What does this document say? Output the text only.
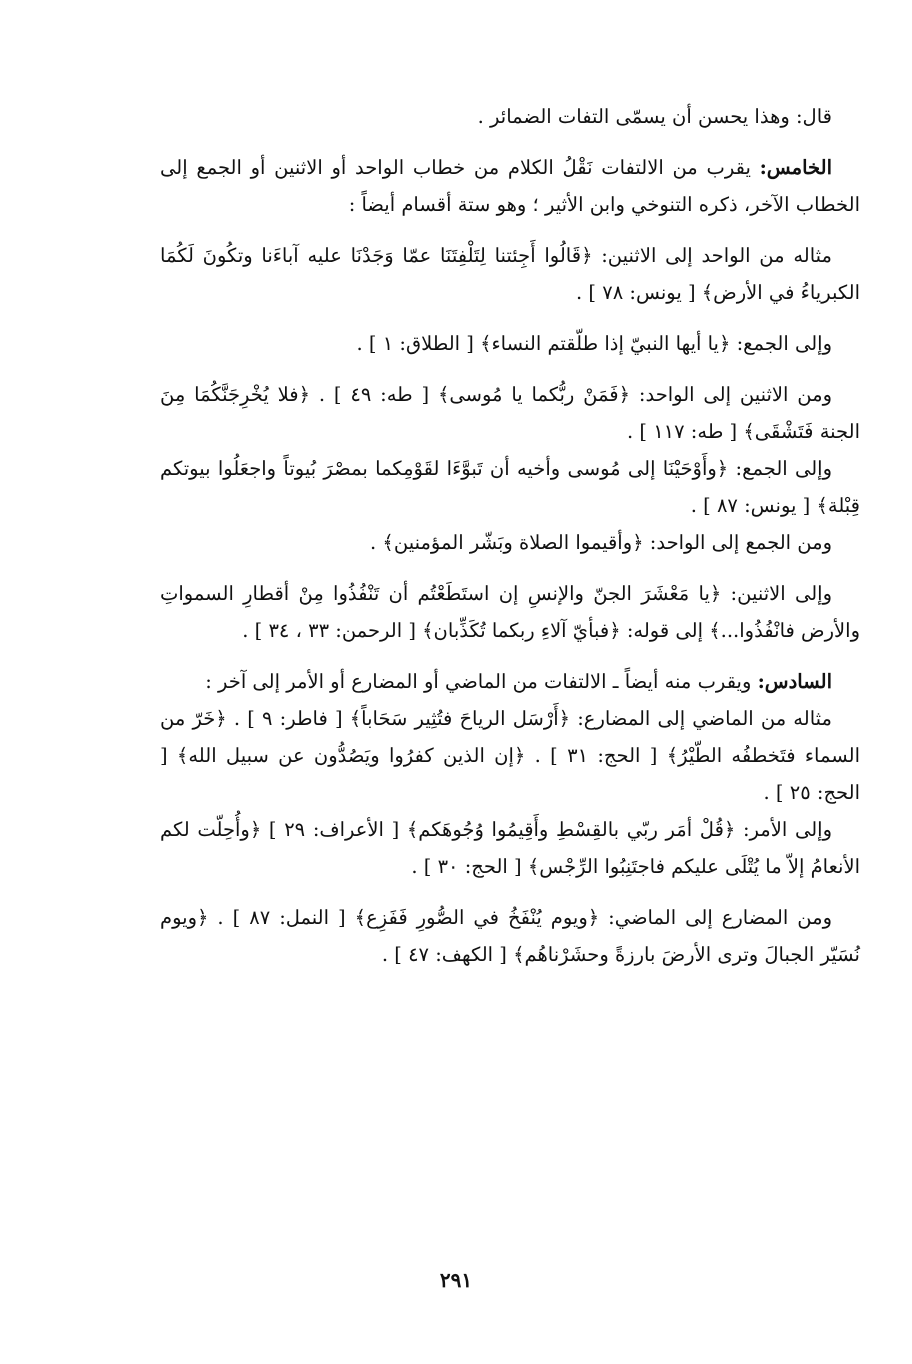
قال: وهذا يحسن أن يسمّى التفات الضمائر .

الخامس: يقرب من الالتفات نَقْلُ الكلام من خطاب الواحد أو الاثنين أو الجمع إلى الخطاب الآخر، ذكره التنوخي وابن الأثير ؛ وهو ستة أقسام أيضاً :

مثاله من الواحد إلى الاثنين: ﴿قَالُوا أَجِئتنا لِتَلْفِتَنَا عمّا وَجَدْنَا عليه آباءَنا وتكُونَ لَكُمَا الكبرياءُ في الأرض﴾ [ يونس: ٧٨ ] .

وإلى الجمع: ﴿يا أيها النبيّ إذا طلّقتم النساء﴾ [ الطلاق: ١ ] .

ومن الاثنين إلى الواحد: ﴿فَمَنْ ربُّكما يا مُوسى﴾ [ طه: ٤٩ ] . ﴿فلا يُخْرِجَنَّكُمَا مِنَ الجنة فَتَشْقَى﴾ [ طه: ١١٧ ] .

وإلى الجمع: ﴿وأَوْحَيْنَا إلى مُوسى وأخيه أن تَبوَّءَا لقَوْمِكما بمصْرَ بُيوتاً واجعَلُوا بيوتكم قِبْلة﴾ [ يونس: ٨٧ ] .

ومن الجمع إلى الواحد: ﴿وأقيموا الصلاة وبَشّر المؤمنين﴾ .

وإلى الاثنين: ﴿يا مَعْشَرَ الجنّ والإنسِ إن استَطَعْتُم أن تَنْفُذُوا مِنْ أقطارِ السمواتِ والأرض فانْفُذُوا...﴾ إلى قوله: ﴿فبأيّ آلاءِ ربكما تُكَذِّبان﴾ [ الرحمن: ٣٣ ، ٣٤ ] .

السادس: ويقرب منه أيضاً ـ الالتفات من الماضي أو المضارع أو الأمر إلى آخر :

مثاله من الماضي إلى المضارع: ﴿أَرْسَل الرياحَ فتُثِير سَحَاباً﴾ [ فاطر: ٩ ] . ﴿خَرّ من السماء فتَخطفُه الطّيْرُ﴾ [ الحج: ٣١ ] . ﴿إن الذين كفرُوا ويَصُدُّون عن سبيل الله﴾ [ الحج: ٢٥ ] .

وإلى الأمر: ﴿قُلْ أمَر ربّي بالقِسْطِ وأَقِيمُوا وُجُوهَكم﴾ [ الأعراف: ٢٩ ] ﴿وأُحِلّت لكم الأنعامُ إلاّ ما يُتْلَى عليكم فاجتَنِبُوا الرِّجْس﴾ [ الحج: ٣٠ ] .

ومن المضارع إلى الماضي: ﴿ويوم يُنْفَخُ في الصُّورِ فَفَزِع﴾ [ النمل: ٨٧ ] . ﴿ويوم نُسَيّر الجبالَ وترى الأرضَ بارزةً وحشَرْناهُم﴾ [ الكهف: ٤٧ ] .

٢٩١
